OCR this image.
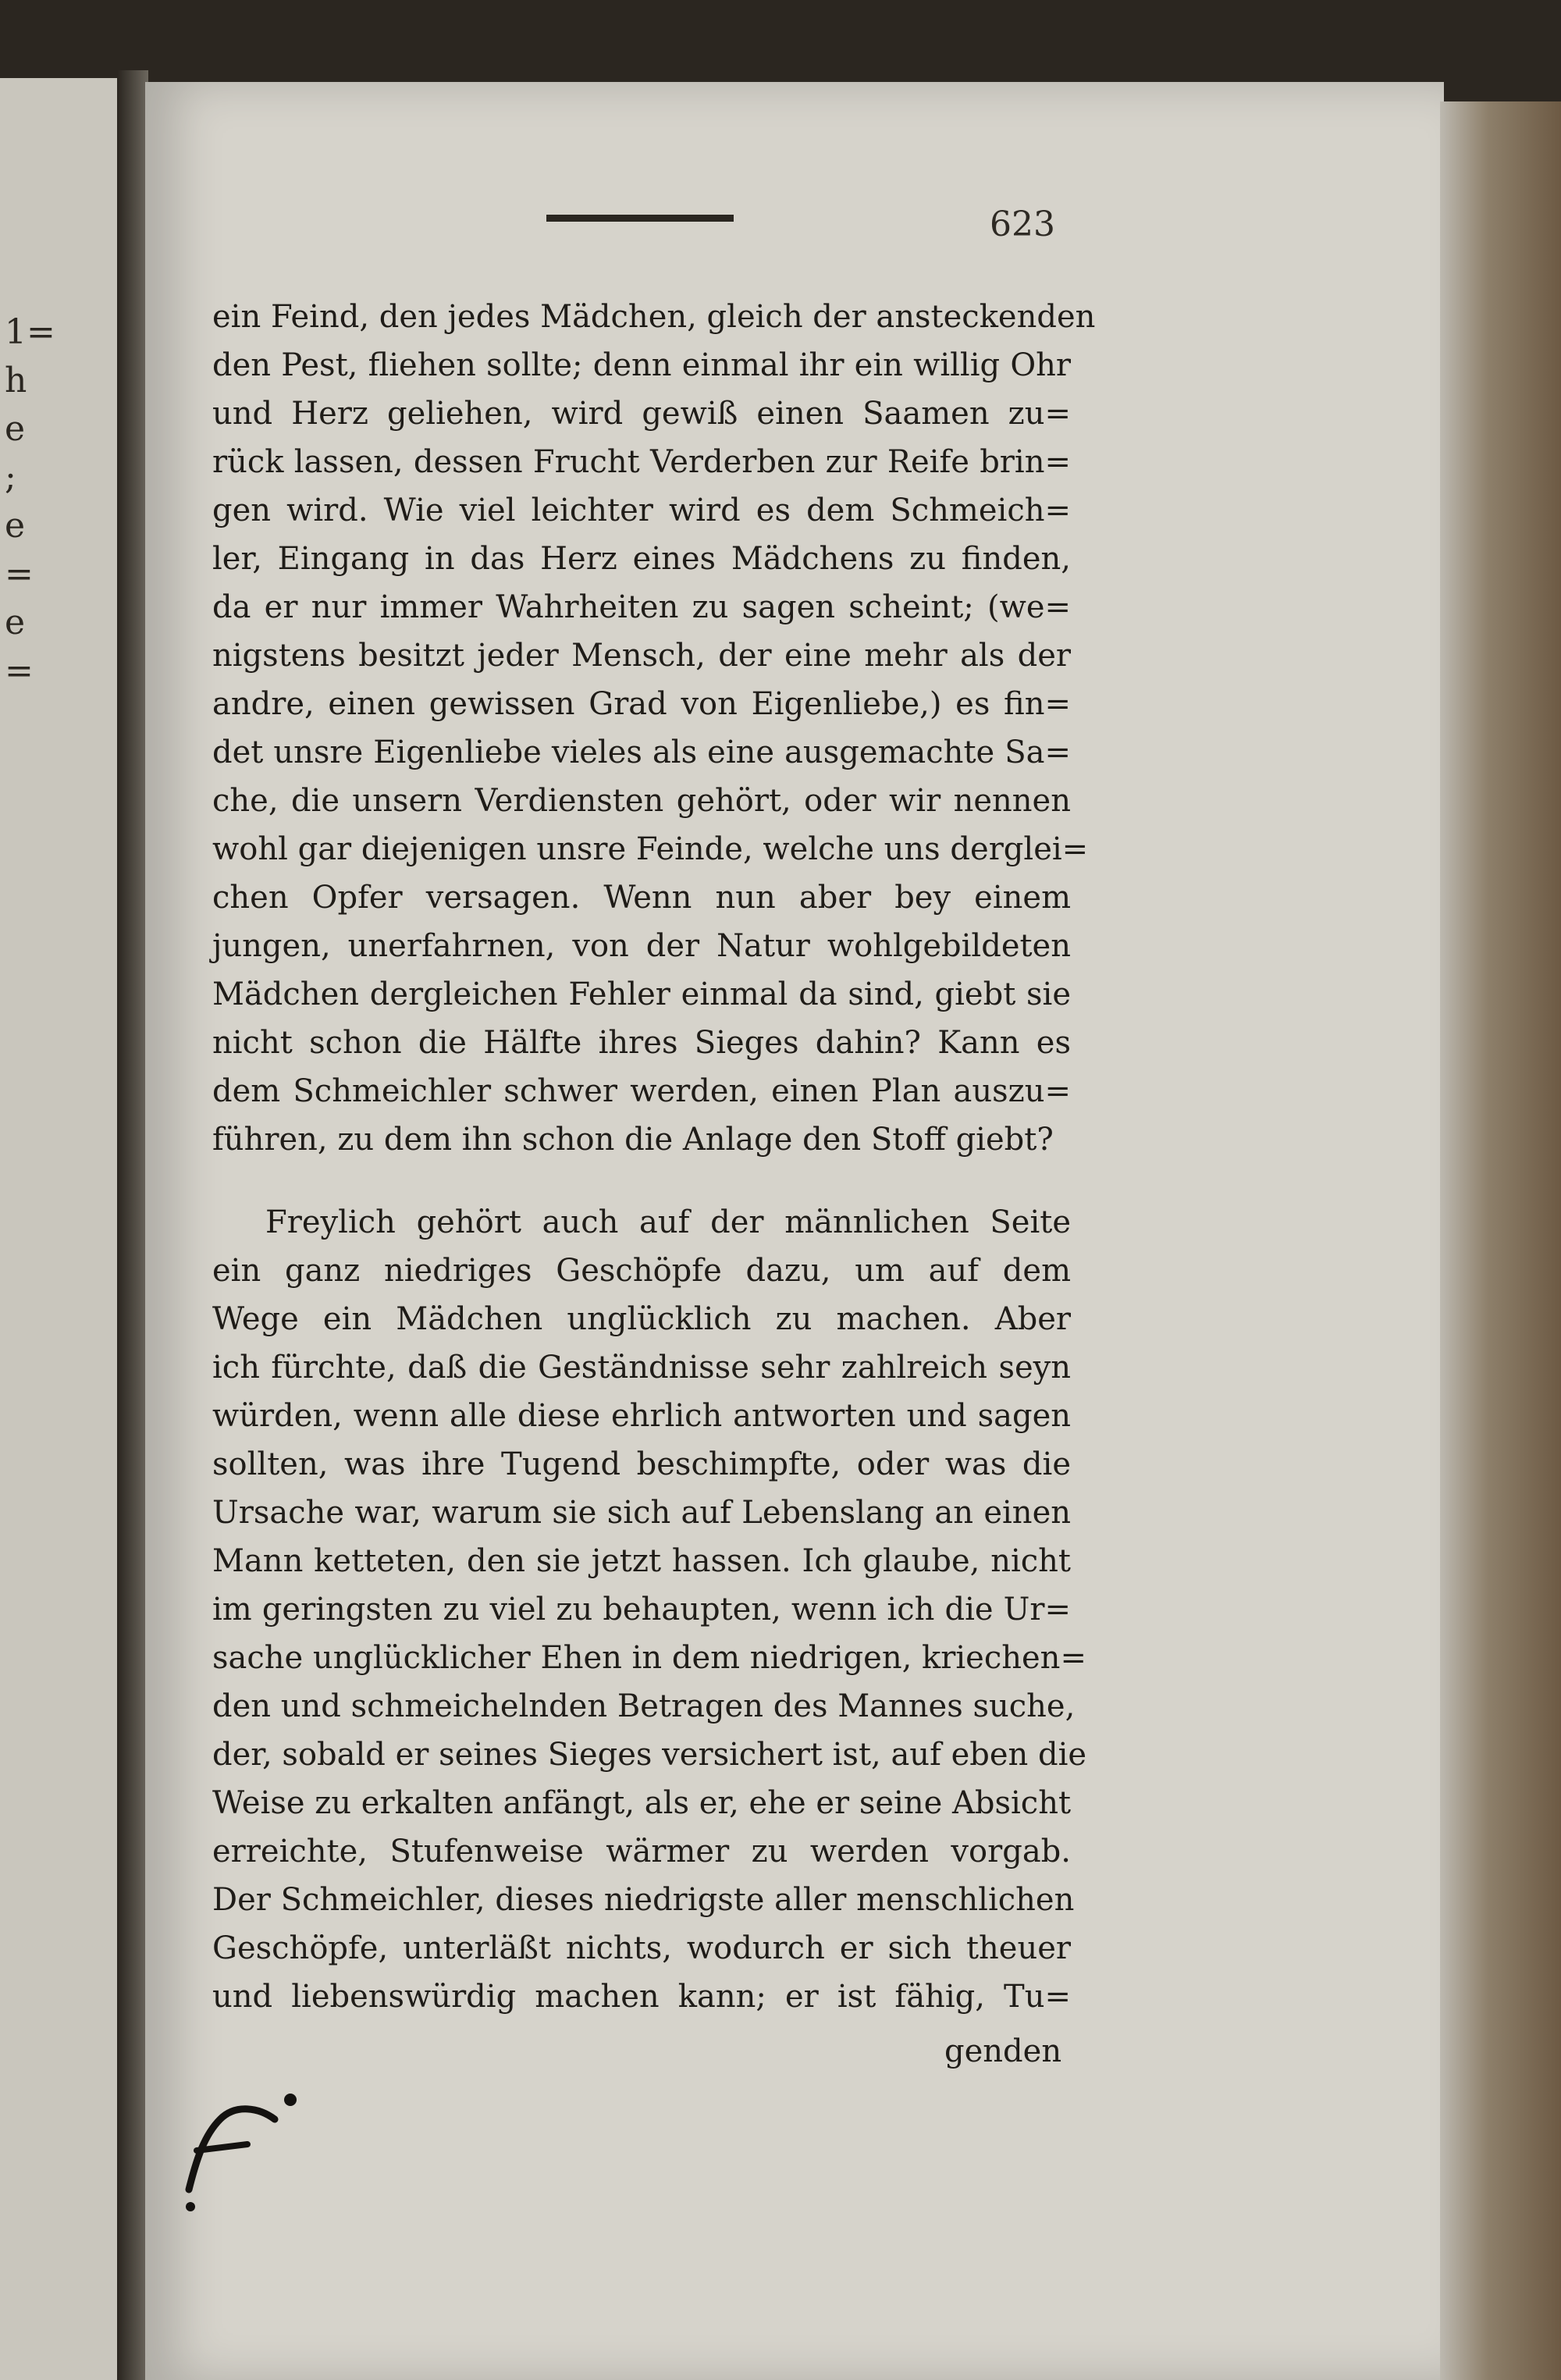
1=
h
e
;
e
=
e
=
623
ein Feind, den jedes Mädchen, gleich der ansteckenden
den Pest, fliehen sollte; denn einmal ihr ein willig Ohr
und Herz geliehen, wird gewiß einen Saamen zu=
rück lassen, dessen Frucht Verderben zur Reife brin=
gen wird. Wie viel leichter wird es dem Schmeich=
ler, Eingang in das Herz eines Mädchens zu finden,
da er nur immer Wahrheiten zu sagen scheint; (we=
nigstens besitzt jeder Mensch, der eine mehr als der
andre, einen gewissen Grad von Eigenliebe,) es fin=
det unsre Eigenliebe vieles als eine ausgemachte Sa=
che, die unsern Verdiensten gehört, oder wir nennen
wohl gar diejenigen unsre Feinde, welche uns derglei=
chen Opfer versagen. Wenn nun aber bey einem
jungen, unerfahrnen, von der Natur wohlgebildeten
Mädchen dergleichen Fehler einmal da sind, giebt sie
nicht schon die Hälfte ihres Sieges dahin? Kann es
dem Schmeichler schwer werden, einen Plan auszu=
führen, zu dem ihn schon die Anlage den Stoff giebt?
Freylich gehört auch auf der männlichen Seite
ein ganz niedriges Geschöpfe dazu, um auf dem
Wege ein Mädchen unglücklich zu machen. Aber
ich fürchte, daß die Geständnisse sehr zahlreich seyn
würden, wenn alle diese ehrlich antworten und sagen
sollten, was ihre Tugend beschimpfte, oder was die
Ursache war, warum sie sich auf Lebenslang an einen
Mann ketteten, den sie jetzt hassen. Ich glaube, nicht
im geringsten zu viel zu behaupten, wenn ich die Ur=
sache unglücklicher Ehen in dem niedrigen, kriechen=
den und schmeichelnden Betragen des Mannes suche,
der, sobald er seines Sieges versichert ist, auf eben die
Weise zu erkalten anfängt, als er, ehe er seine Absicht
erreichte, Stufenweise wärmer zu werden vorgab.
Der Schmeichler, dieses niedrigste aller menschlichen
Geschöpfe, unterläßt nichts, wodurch er sich theuer
und liebenswürdig machen kann; er ist fähig, Tu=
genden
